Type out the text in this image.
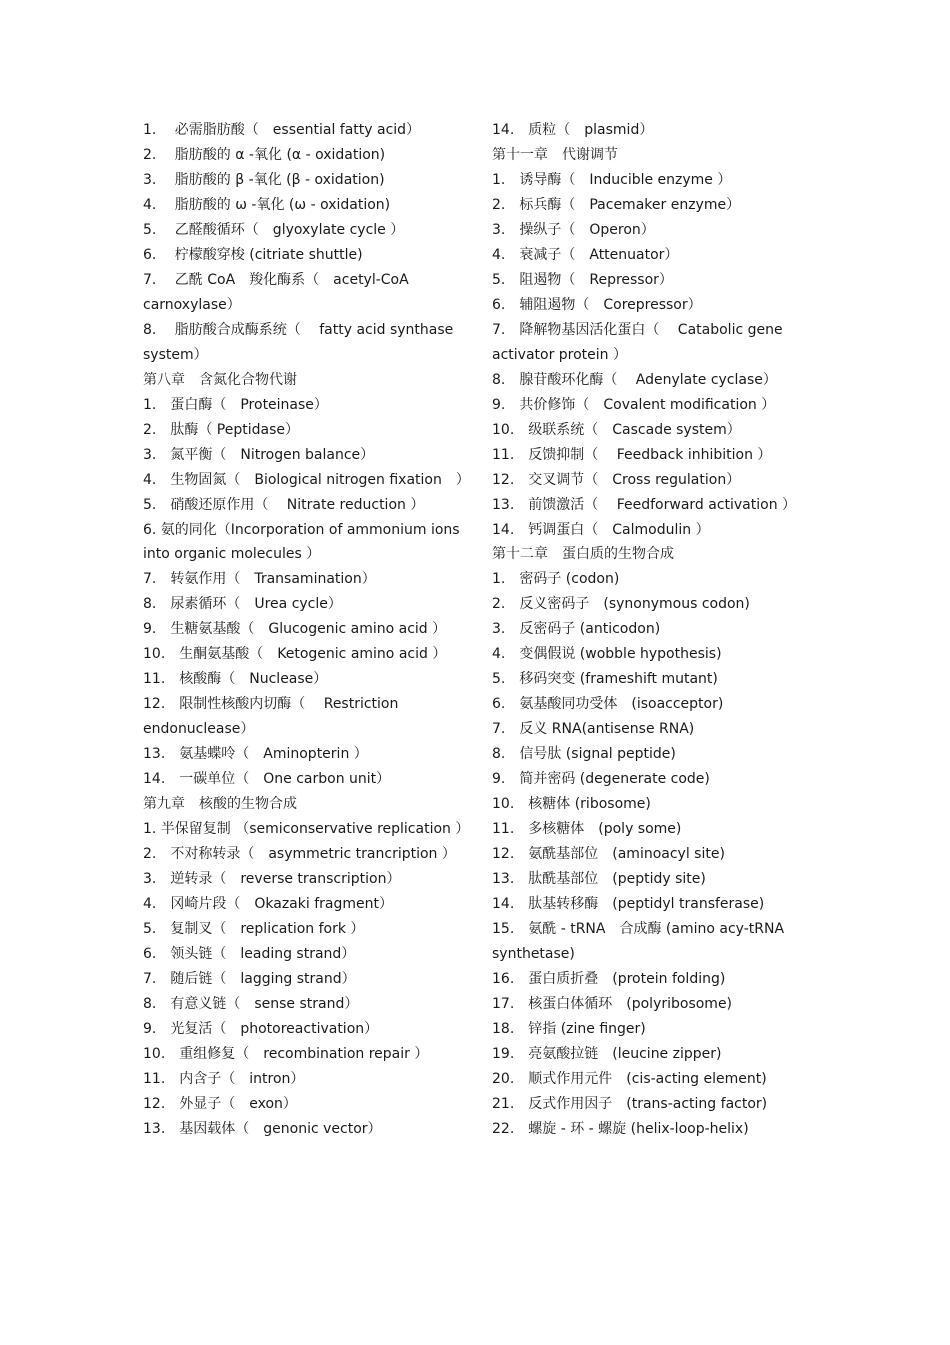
1.　 必需脂肪酸（　essential fatty acid）
2.　 脂肪酸的 α -氧化 (α - oxidation)
3.　 脂肪酸的 β -氧化 (β - oxidation)
4.　 脂肪酸的 ω -氧化 (ω - oxidation)
5.　 乙醛酸循环（　glyoxylate cycle ）
6.　 柠檬酸穿梭 (citriate shuttle)
7.　 乙酰 CoA　羧化酶系（　acetyl-CoA
carnoxylase）
8.　 脂肪酸合成酶系统（　 fatty acid synthase
system）
第八章　含氮化合物代谢
1.　蛋白酶（　Proteinase）
2.　肽酶（ Peptidase）
3.　氮平衡（　Nitrogen balance）
4.　生物固氮（　Biological nitrogen fixation　）
5.　硝酸还原作用（　 Nitrate reduction ）
6. 氨的同化（Incorporation of ammonium ions
into organic molecules ）
7.　转氨作用（　Transamination）
8.　尿素循环（　Urea cycle）
9.　生糖氨基酸（　Glucogenic amino acid ）
10.　生酮氨基酸（　Ketogenic amino acid ）
11.　核酸酶（　Nuclease）
12.　限制性核酸内切酶（　 Restriction
endonuclease）
13.　氨基蝶呤（　Aminopterin ）
14.　一碳单位（　One carbon unit）
第九章　核酸的生物合成
1. 半保留复制 （semiconservative replication ）
2.　不对称转录（　asymmetric trancription ）
3.　逆转录（　reverse transcription）
4.　冈崎片段（　Okazaki fragment）
5.　复制叉（　replication fork ）
6.　领头链（　leading strand）
7.　随后链（　lagging strand）
8.　有意义链（　sense strand）
9.　光复活（　photoreactivation）
10.　重组修复（　recombination repair ）
11.　内含子（　intron）
12.　外显子（　exon）
13.　基因载体（　genonic vector）
14.　质粒（　plasmid）
第十一章　代谢调节
1.　诱导酶（　Inducible enzyme ）
2.　标兵酶（　Pacemaker enzyme）
3.　操纵子（　Operon）
4.　衰减子（　Attenuator）
5.　阻遏物（　Repressor）
6.　辅阻遏物（　Corepressor）
7.　降解物基因活化蛋白（　 Catabolic gene
activator protein ）
8.　腺苷酸环化酶（　 Adenylate cyclase）
9.　共价修饰（　Covalent modification ）
10.　级联系统（　Cascade system）
11.　反馈抑制（　 Feedback inhibition ）
12.　交叉调节（　Cross regulation）
13.　前馈激活（　 Feedforward activation ）
14.　钙调蛋白（　Calmodulin ）
第十二章　蛋白质的生物合成
1.　密码子 (codon)
2.　反义密码子　(synonymous codon)
3.　反密码子 (anticodon)
4.　变偶假说 (wobble hypothesis)
5.　移码突变 (frameshift mutant)
6.　氨基酸同功受体　(isoacceptor)
7.　反义 RNA(antisense RNA)
8.　信号肽 (signal peptide)
9.　简并密码 (degenerate code)
10.　核糖体 (ribosome)
11.　多核糖体　(poly some)
12.　氨酰基部位　(aminoacyl site)
13.　肽酰基部位　(peptidy site)
14.　肽基转移酶　(peptidyl transferase)
15.　氨酰 - tRNA　合成酶 (amino acy-tRNA
synthetase)
16.　蛋白质折叠　(protein folding)
17.　核蛋白体循环　(polyribosome)
18.　锌指 (zine finger)
19.　亮氨酸拉链　(leucine zipper)
20.　顺式作用元件　(cis-acting element)
21.　反式作用因子　(trans-acting factor)
22.　螺旋 - 环 - 螺旋 (helix-loop-helix)
